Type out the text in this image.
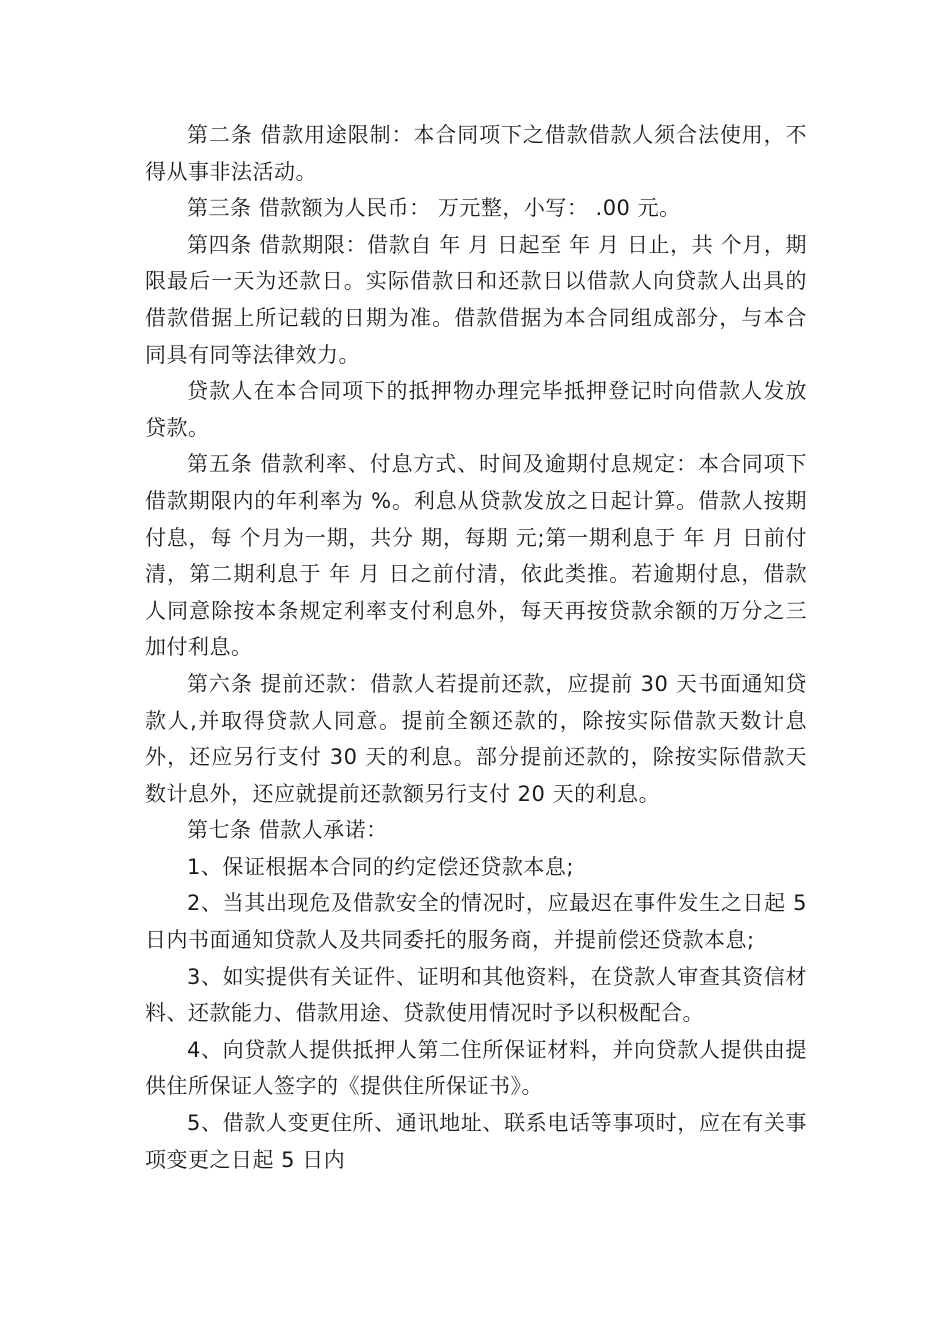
第二条 借款用途限制：本合同项下之借款借款人须合法使用，不得从事非法活动。

第三条 借款额为人民币： 万元整，小写： .00 元。

第四条 借款期限：借款自 年 月 日起至 年 月 日止，共 个月，期限最后一天为还款日。实际借款日和还款日以借款人向贷款人出具的借款借据上所记载的日期为准。借款借据为本合同组成部分，与本合同具有同等法律效力。

贷款人在本合同项下的抵押物办理完毕抵押登记时向借款人发放贷款。

第五条 借款利率、付息方式、时间及逾期付息规定：本合同项下借款期限内的年利率为 %。利息从贷款发放之日起计算。借款人按期付息，每 个月为一期，共分 期，每期 元;第一期利息于 年 月 日前付清，第二期利息于 年 月 日之前付清，依此类推。若逾期付息，借款人同意除按本条规定利率支付利息外，每天再按贷款余额的万分之三加付利息。

第六条 提前还款：借款人若提前还款，应提前 30 天书面通知贷款人,并取得贷款人同意。提前全额还款的，除按实际借款天数计息外，还应另行支付 30 天的利息。部分提前还款的，除按实际借款天数计息外，还应就提前还款额另行支付 20 天的利息。

第七条 借款人承诺：

1、保证根据本合同的约定偿还贷款本息;

2、当其出现危及借款安全的情况时，应最迟在事件发生之日起 5 日内书面通知贷款人及共同委托的服务商，并提前偿还贷款本息;

3、如实提供有关证件、证明和其他资料，在贷款人审查其资信材料、还款能力、借款用途、贷款使用情况时予以积极配合。

4、向贷款人提供抵押人第二住所保证材料，并向贷款人提供由提供住所保证人签字的《提供住所保证书》。

5、借款人变更住所、通讯地址、联系电话等事项时，应在有关事项变更之日起 5 日内
